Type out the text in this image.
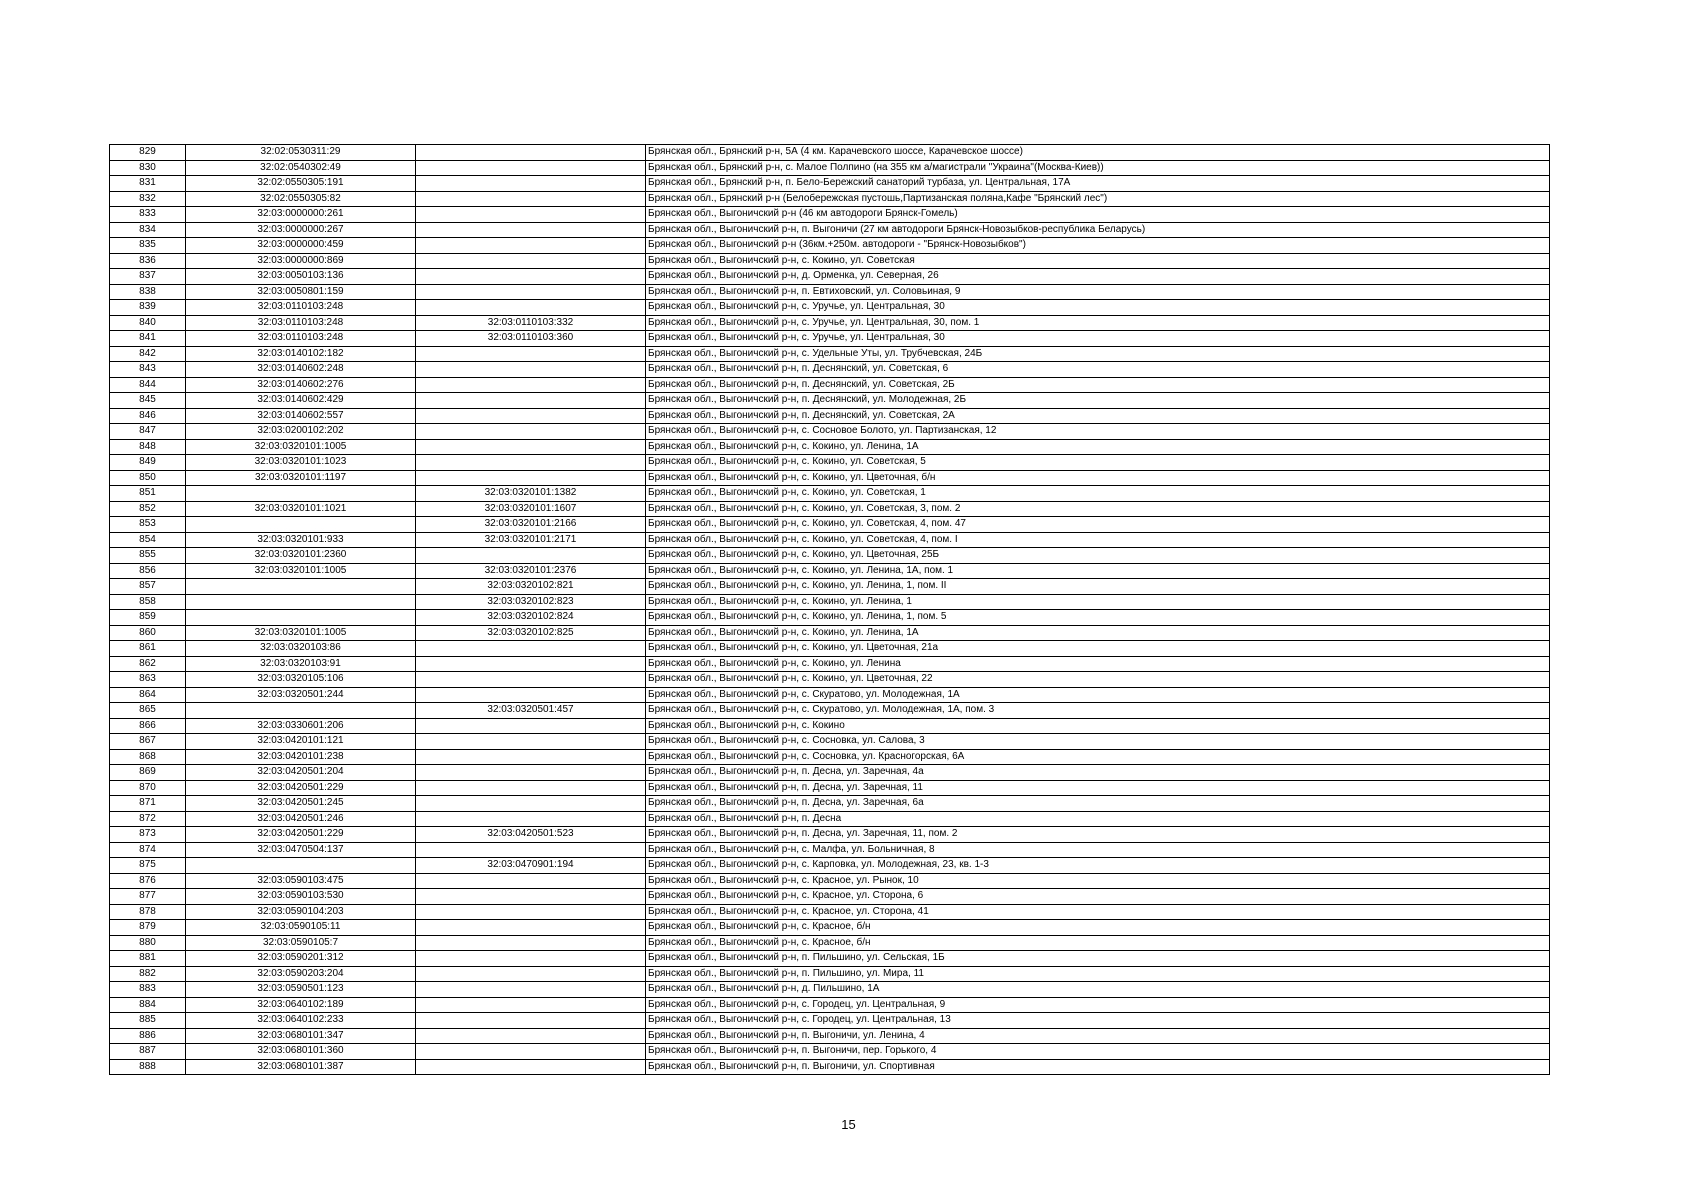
829	32:02:0530311:29		Брянская обл., Брянский р-н, 5А (4 км. Карачевского шоссе, Карачевское шоссе)
830	32:02:0540302:49		Брянская обл., Брянский р-н, с. Малое Полпино (на 355 км а/магистрали "Украина"(Москва-Киев))
831	32:02:0550305:191		Брянская обл., Брянский р-н, п. Бело-Бережский санаторий турбаза, ул. Центральная, 17А
832	32:02:0550305:82		Брянская обл., Брянский р-н (Белобережская пустошь,Партизанская поляна,Кафе "Брянский лес")
833	32:03:0000000:261		Брянская обл., Выгоничский р-н (46 км автодороги Брянск-Гомель)
834	32:03:0000000:267		Брянская обл., Выгоничский р-н, п. Выгоничи (27 км автодороги Брянск-Новозыбков-республика Беларусь)
835	32:03:0000000:459		Брянская обл., Выгоничский р-н (36км.+250м. автодороги - "Брянск-Новозыбков")
836	32:03:0000000:869		Брянская обл., Выгоничский р-н, с. Кокино, ул. Советская
837	32:03:0050103:136		Брянская обл., Выгоничский р-н, д. Орменка, ул. Северная, 26
838	32:03:0050801:159		Брянская обл., Выгоничский р-н, п. Евтиховский, ул. Соловьиная, 9
839	32:03:0110103:248		Брянская обл., Выгоничский р-н, с. Уручье, ул. Центральная, 30
840	32:03:0110103:248	32:03:0110103:332	Брянская обл., Выгоничский р-н, с. Уручье, ул. Центральная, 30, пом. 1
841	32:03:0110103:248	32:03:0110103:360	Брянская обл., Выгоничский р-н, с. Уручье, ул. Центральная, 30
842	32:03:0140102:182		Брянская обл., Выгоничский р-н, с. Удельные Уты, ул. Трубчевская, 24Б
843	32:03:0140602:248		Брянская обл., Выгоничский р-н, п. Деснянский, ул. Советская, 6
844	32:03:0140602:276		Брянская обл., Выгоничский р-н, п. Деснянский, ул. Советская, 2Б
845	32:03:0140602:429		Брянская обл., Выгоничский р-н, п. Деснянский, ул. Молодежная, 2Б
846	32:03:0140602:557		Брянская обл., Выгоничский р-н, п. Деснянский, ул. Советская, 2А
847	32:03:0200102:202		Брянская обл., Выгоничский р-н, с. Сосновое Болото, ул. Партизанская, 12
848	32:03:0320101:1005		Брянская обл., Выгоничский р-н, с. Кокино, ул. Ленина, 1А
849	32:03:0320101:1023		Брянская обл., Выгоничский р-н, с. Кокино, ул. Советская, 5
850	32:03:0320101:1197		Брянская обл., Выгоничский р-н, с. Кокино, ул. Цветочная, б/н
851		32:03:0320101:1382	Брянская обл., Выгоничский р-н, с. Кокино, ул. Советская, 1
852	32:03:0320101:1021	32:03:0320101:1607	Брянская обл., Выгоничский р-н, с. Кокино, ул. Советская, 3, пом. 2
853		32:03:0320101:2166	Брянская обл., Выгоничский р-н, с. Кокино, ул. Советская, 4, пом. 47
854	32:03:0320101:933	32:03:0320101:2171	Брянская обл., Выгоничский р-н, с. Кокино, ул. Советская, 4, пом. I
855	32:03:0320101:2360		Брянская обл., Выгоничский р-н, с. Кокино, ул. Цветочная, 25Б
856	32:03:0320101:1005	32:03:0320101:2376	Брянская обл., Выгоничский р-н, с. Кокино, ул. Ленина, 1А, пом. 1
857		32:03:0320102:821	Брянская обл., Выгоничский р-н, с. Кокино, ул. Ленина, 1, пом. II
858		32:03:0320102:823	Брянская обл., Выгоничский р-н, с. Кокино, ул. Ленина, 1
859		32:03:0320102:824	Брянская обл., Выгоничский р-н, с. Кокино, ул. Ленина, 1, пом. 5
860	32:03:0320101:1005	32:03:0320102:825	Брянская обл., Выгоничский р-н, с. Кокино, ул. Ленина, 1А
861	32:03:0320103:86		Брянская обл., Выгоничский р-н, с. Кокино, ул. Цветочная, 21а
862	32:03:0320103:91		Брянская обл., Выгоничский р-н, с. Кокино, ул. Ленина
863	32:03:0320105:106		Брянская обл., Выгоничский р-н, с. Кокино, ул. Цветочная, 22
864	32:03:0320501:244		Брянская обл., Выгоничский р-н, с. Скуратово, ул. Молодежная, 1А
865		32:03:0320501:457	Брянская обл., Выгоничский р-н, с. Скуратово, ул. Молодежная, 1А, пом. 3
866	32:03:0330601:206		Брянская обл., Выгоничский р-н, с. Кокино
867	32:03:0420101:121		Брянская обл., Выгоничский р-н, с. Сосновка, ул. Салова, 3
868	32:03:0420101:238		Брянская обл., Выгоничский р-н, с. Сосновка, ул. Красногорская, 6А
869	32:03:0420501:204		Брянская обл., Выгоничский р-н, п. Десна, ул. Заречная, 4а
870	32:03:0420501:229		Брянская обл., Выгоничский р-н, п. Десна, ул. Заречная, 11
871	32:03:0420501:245		Брянская обл., Выгоничский р-н, п. Десна, ул. Заречная, 6а
872	32:03:0420501:246		Брянская обл., Выгоничский р-н, п. Десна
873	32:03:0420501:229	32:03:0420501:523	Брянская обл., Выгоничский р-н, п. Десна, ул. Заречная, 11, пом. 2
874	32:03:0470504:137		Брянская обл., Выгоничский р-н, с. Малфа, ул. Больничная, 8
875		32:03:0470901:194	Брянская обл., Выгоничский р-н, с. Карповка, ул. Молодежная, 23, кв. 1-3
876	32:03:0590103:475		Брянская обл., Выгоничский р-н, с. Красное, ул. Рынок, 10
877	32:03:0590103:530		Брянская обл., Выгоничский р-н, с. Красное, ул. Сторона, 6
878	32:03:0590104:203		Брянская обл., Выгоничский р-н, с. Красное, ул. Сторона, 41
879	32:03:0590105:11		Брянская обл., Выгоничский р-н, с. Красное, б/н
880	32:03:0590105:7		Брянская обл., Выгоничский р-н, с. Красное, б/н
881	32:03:0590201:312		Брянская обл., Выгоничский р-н, п. Пильшино, ул. Сельская, 1Б
882	32:03:0590203:204		Брянская обл., Выгоничский р-н, п. Пильшино, ул. Мира, 11
883	32:03:0590501:123		Брянская обл., Выгоничский р-н, д. Пильшино, 1А
884	32:03:0640102:189		Брянская обл., Выгоничский р-н, с. Городец, ул. Центральная, 9
885	32:03:0640102:233		Брянская обл., Выгоничский р-н, с. Городец, ул. Центральная, 13
886	32:03:0680101:347		Брянская обл., Выгоничский р-н, п. Выгоничи, ул. Ленина, 4
887	32:03:0680101:360		Брянская обл., Выгоничский р-н, п. Выгоничи, пер. Горького, 4
888	32:03:0680101:387		Брянская обл., Выгоничский р-н, п. Выгоничи, ул. Спортивная
15
